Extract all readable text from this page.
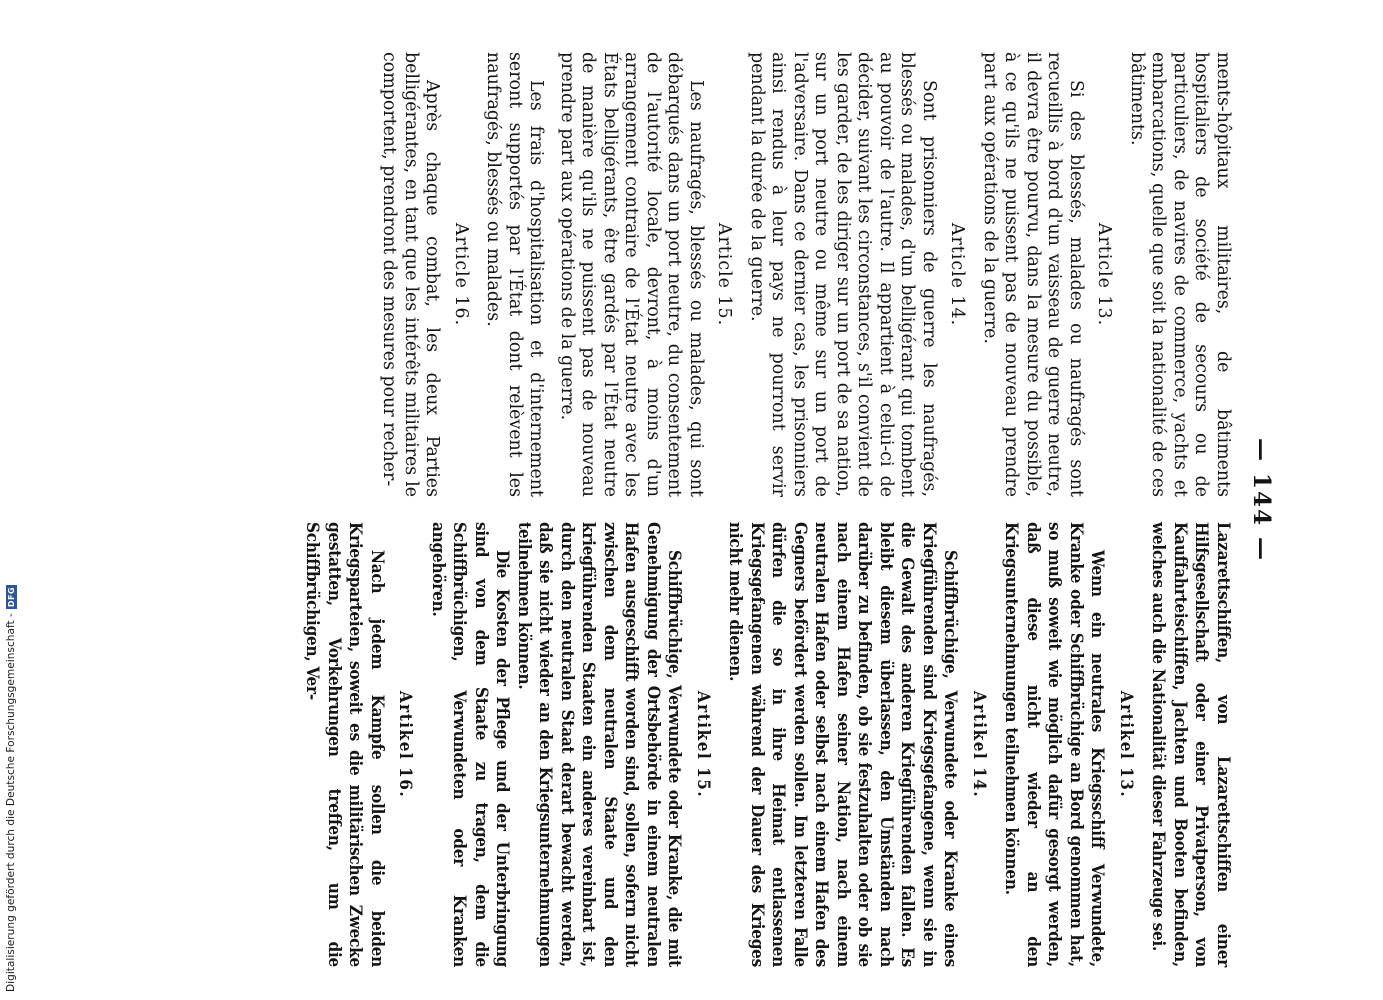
— 144 —

ments-hôpitaux militaires, de bâtiments hospitaliers de société de secours ou de particuliers, de navires de commerce, yachts et embarcations, quelle que soit la nationalité de ces bâtiments.

Article 13.

Si des blessés, malades ou naufragés sont recueillis à bord d'un vaisseau de guerre neutre, il devra être pourvu, dans la mesure du possible, à ce qu'ils ne puissent pas de nouveau prendre part aux opérations de la guerre.

Article 14.

Sont prisonniers de guerre les naufragés, blessés ou malades, d'un belligérant qui tombent au pouvoir de l'autre. Il appartient à celui-ci de décider, suivant les circonstances, s'il convient de les garder, de les diriger sur un port de sa nation, sur un port neutre ou même sur un port de l'adversaire. Dans ce dernier cas, les prisonniers ainsi rendus à leur pays ne pourront servir pendant la durée de la guerre.

Article 15.

Les naufragés, blessés ou malades, qui sont débarqués dans un port neutre, du consentement de l'autorité locale, devront, à moins d'un arrangement contraire de l'État neutre avec les États belligérants, être gardés par l'État neutre de manière qu'ils ne puissent pas de nouveau prendre part aux opérations de la guerre.

Les frais d'hospitalisation et d'internement seront supportés par l'État dont relèvent les naufragés, blessés ou malades.

Article 16.

Après chaque combat, les deux Parties belligérantes, en tant que les intérêts militaires le comportent, prendront des mesures pour recher-

Lazarettschiffen, von Lazarettschiffen einer Hilfsgesellschaft oder einer Privatperson, von Kauffahrteischiffen, Jachten und Booten befinden, welches auch die Nationalität dieser Fahrzeuge sei.

Artikel 13.

Wenn ein neutrales Kriegsschiff Verwundete, Kranke oder Schiffbrüchige an Bord genommen hat, so muß soweit wie möglich dafür gesorgt werden, daß diese nicht wieder an den Kriegsunternehmungen teilnehmen können.

Artikel 14.

Schiffbrüchige, Verwundete oder Kranke eines Kriegführenden sind Kriegsgefangene, wenn sie in die Gewalt des anderen Kriegführenden fallen. Es bleibt diesem überlassen, den Umständen nach darüber zu befinden, ob sie festzuhalten oder ob sie nach einem Hafen seiner Nation, nach einem neutralen Hafen oder selbst nach einem Hafen des Gegners befördert werden sollen. Im letzteren Falle dürfen die so in ihre Heimat entlassenen Kriegsgefangenen während der Dauer des Krieges nicht mehr dienen.

Artikel 15.

Schiffbrüchige, Verwundete oder Kranke, die mit Genehmigung der Ortsbehörde in einem neutralen Hafen ausgeschifft worden sind, sollen, sofern nicht zwischen dem neutralen Staate und den kriegführenden Staaten ein anderes vereinbart ist, durch den neutralen Staat derart bewacht werden, daß sie nicht wieder an den Kriegsunternehmungen teilnehmen können.

Die Kosten der Pflege und der Unterbringung sind von dem Staate zu tragen, dem die Schiffbrüchigen, Verwundeten oder Kranken angehören.

Artikel 16.

Nach jedem Kampfe sollen die beiden Kriegsparteien, soweit es die militärischen Zwecke gestatten, Vorkehrungen treffen, um die Schiffbrüchigen, Ver-

Digitalisierung gefördert durch die Deutsche Forschungsgemeinschaft -
DFG
